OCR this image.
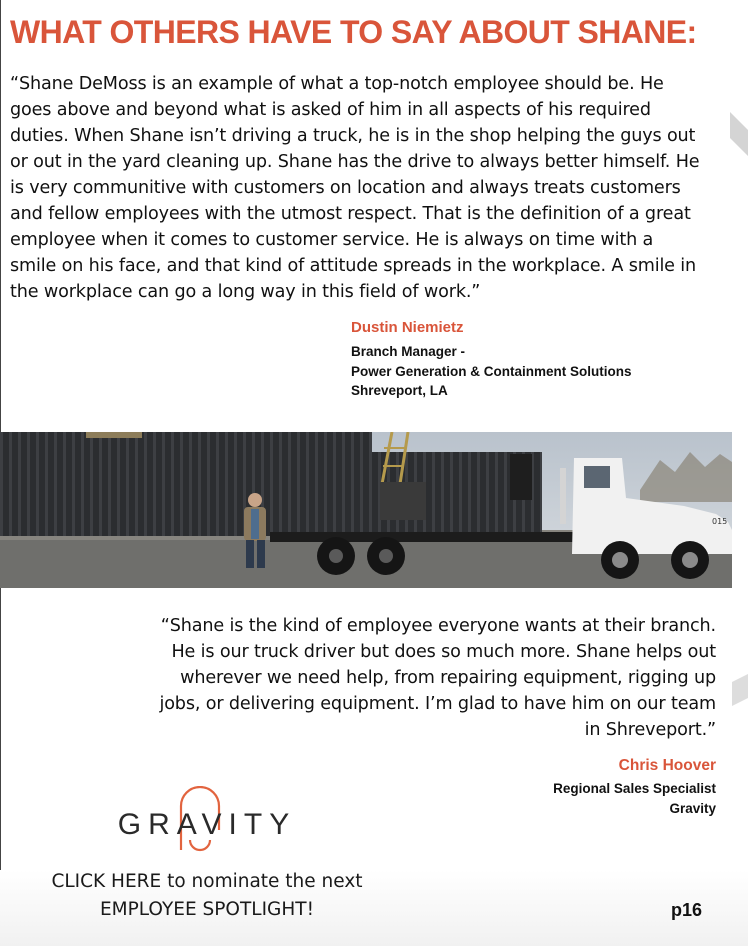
WHAT OTHERS HAVE TO SAY ABOUT SHANE:

“Shane DeMoss is an example of what a top-notch employee should be. He goes above and beyond what is asked of him in all aspects of his required duties. When Shane isn’t driving a truck, he is in the shop helping the guys out or out in the yard cleaning up. Shane has the drive to always better himself. He is very communitive with customers on location and always treats customers and fellow employees with the utmost respect. That is the definition of a great employee when it comes to customer service. He is always on time with a smile on his face, and that kind of attitude spreads in the workplace. A smile in the workplace can go a long way in this field of work.”

Dustin Niemietz
Branch Manager -
Power Generation & Containment Solutions
Shreveport, LA
015

“Shane is the kind of employee everyone wants at their branch. He is our truck driver but does so much more. Shane helps out wherever we need help, from repairing equipment, rigging up jobs, or delivering equipment. I’m glad to have him on our team in Shreveport.”

Chris Hoover
Regional Sales Specialist
Gravity
GRAVITY
CLICK HERE to nominate the next
EMPLOYEE SPOTLIGHT!	p16
